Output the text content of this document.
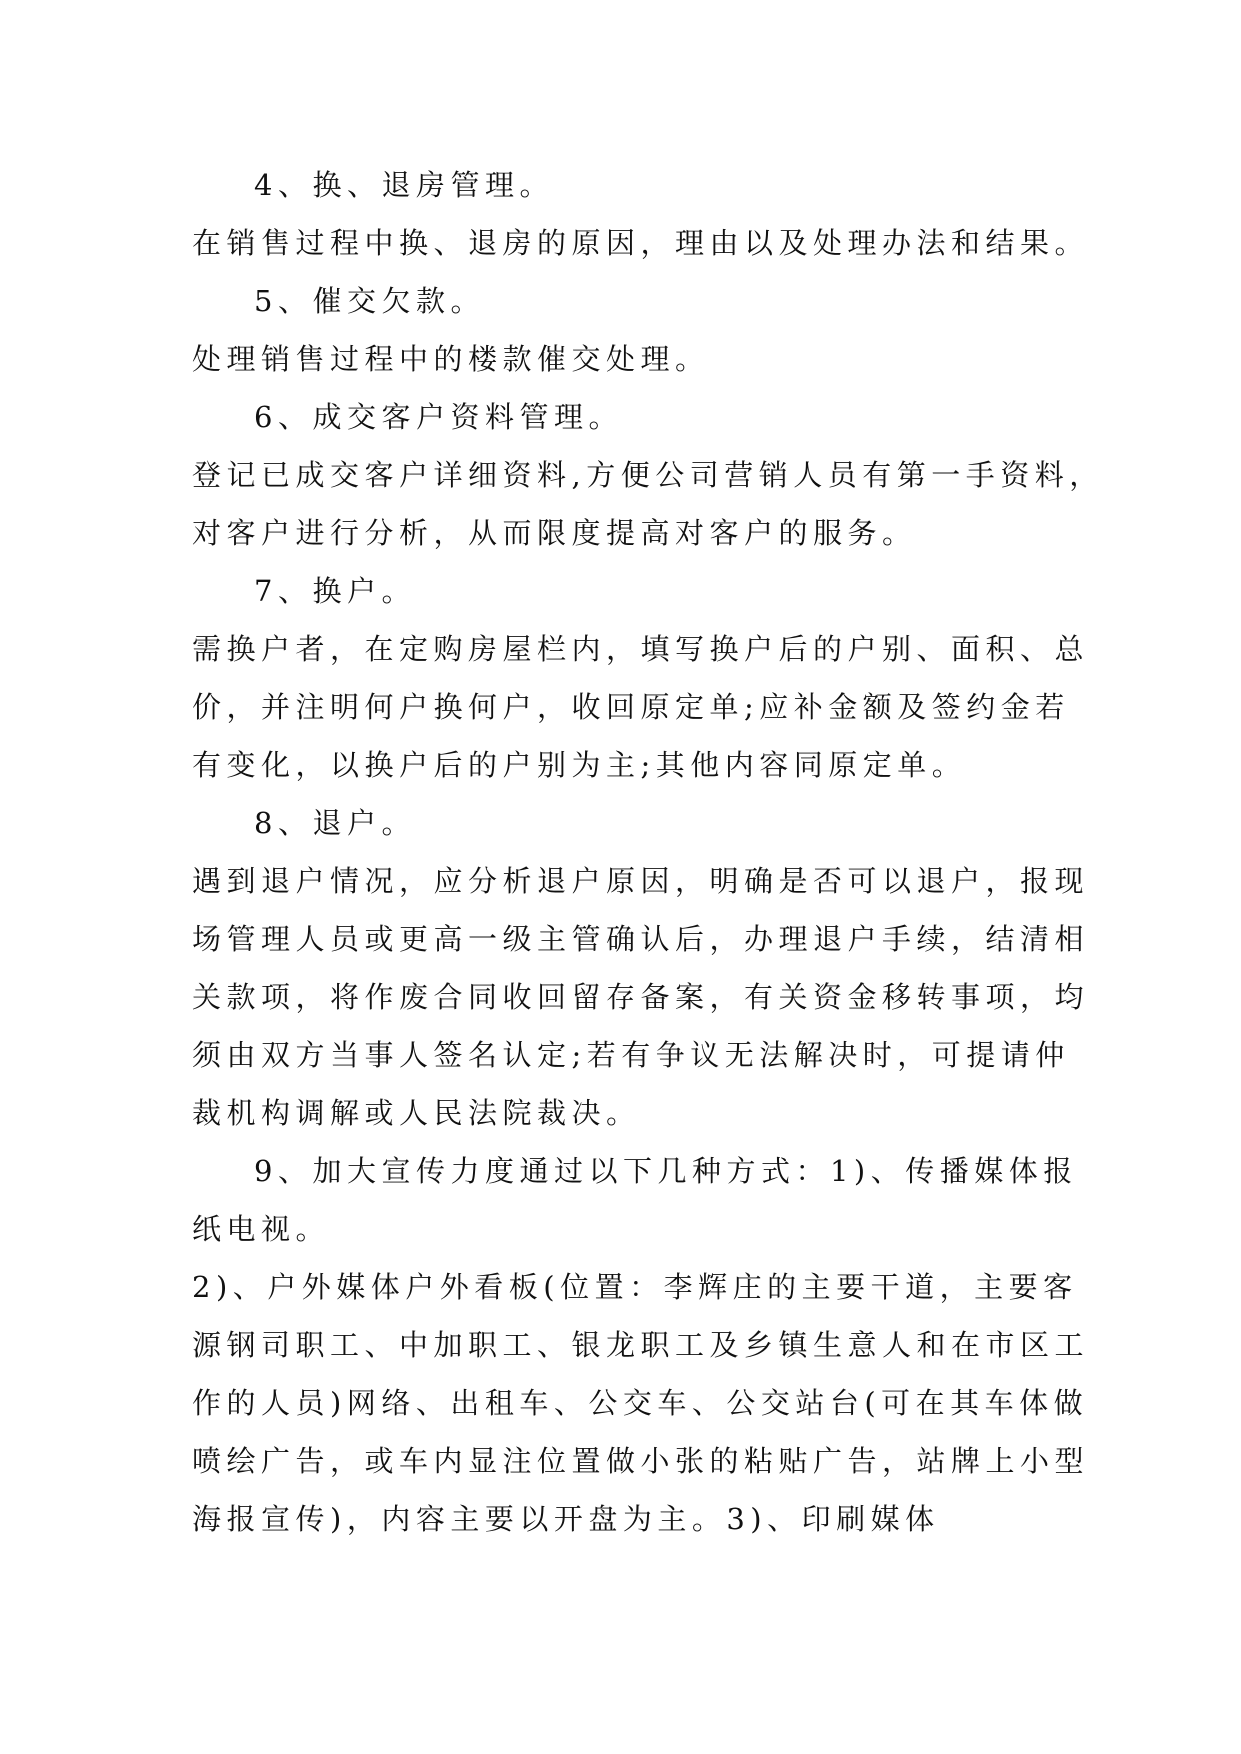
4、换、退房管理。
在销售过程中换、退房的原因，理由以及处理办法和结果。
5、催交欠款。
处理销售过程中的楼款催交处理。
6、成交客户资料管理。
登记已成交客户详细资料,方便公司营销人员有第一手资料，
对客户进行分析，从而限度提高对客户的服务。
7、换户。
需换户者，在定购房屋栏内，填写换户后的户别、面积、总
价，并注明何户换何户，收回原定单;应补金额及签约金若
有变化，以换户后的户别为主;其他内容同原定单。
8、退户。
遇到退户情况，应分析退户原因，明确是否可以退户，报现
场管理人员或更高一级主管确认后，办理退户手续，结清相
关款项，将作废合同收回留存备案，有关资金移转事项，均
须由双方当事人签名认定;若有争议无法解决时，可提请仲
裁机构调解或人民法院裁决。
9、加大宣传力度通过以下几种方式：1)、传播媒体报
纸电视。
2)、户外媒体户外看板(位置：李辉庄的主要干道，主要客
源钢司职工、中加职工、银龙职工及乡镇生意人和在市区工
作的人员)网络、出租车、公交车、公交站台(可在其车体做
喷绘广告，或车内显注位置做小张的粘贴广告，站牌上小型
海报宣传)，内容主要以开盘为主。3)、印刷媒体
